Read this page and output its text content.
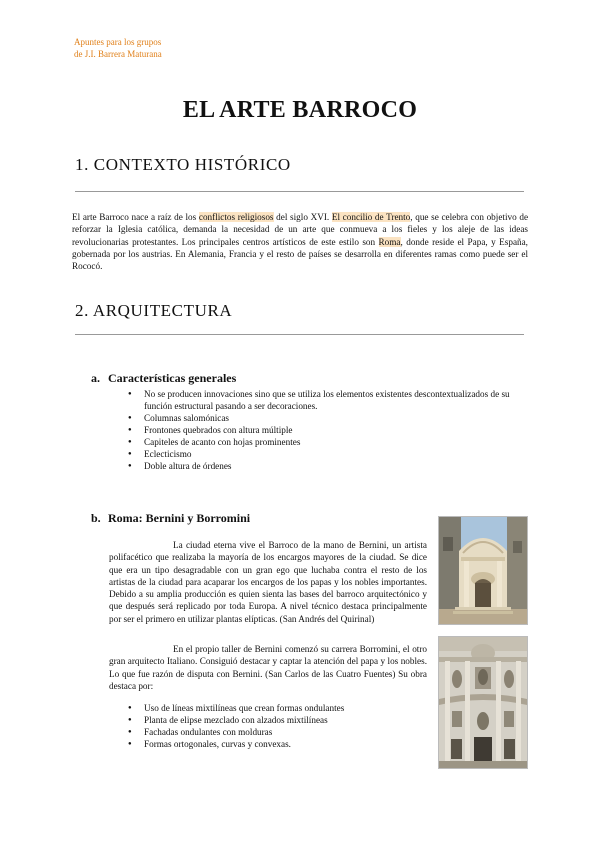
Apuntes para los grupos
de J.I. Barrera Maturana
EL ARTE BARROCO
1. CONTEXTO HISTÓRICO
El arte Barroco nace a raíz de los conflictos religiosos del siglo XVI. El concilio de Trento, que se celebra con objetivo de reforzar la Iglesia católica, demanda la necesidad de un arte que conmueva a los fieles y los aleje de las ideas revolucionarias protestantes. Los principales centros artísticos de este estilo son Roma, donde reside el Papa, y España, gobernada por los austrias. En Alemania, Francia y el resto de países se desarrolla en diferentes ramas como puede ser el Rococó.
2. ARQUITECTURA
a. Características generales
● No se producen innovaciones sino que se utiliza los elementos existentes descontextualizados de su función estructural pasando a ser decoraciones.
● Columnas salomónicas
● Frontones quebrados con altura múltiple
● Capiteles de acanto con hojas prominentes
● Eclecticismo
● Doble altura de órdenes
b. Roma: Bernini y Borromini
La ciudad eterna vive el Barroco de la mano de Bernini, un artista polifacético que realizaba la mayoría de los encargos mayores de la ciudad. Se dice que era un tipo desagradable con un gran ego que luchaba contra el resto de los artistas de la ciudad para acaparar los encargos de los papas y los nobles importantes. Debido a su amplia producción es quien sienta las bases del barroco arquitectónico y que después será replicado por toda Europa. A nivel técnico destaca principalmente por ser el primero en utilizar plantas elípticas. (San Andrés del Quirinal)
En el propio taller de Bernini comenzó su carrera Borromini, el otro gran arquitecto Italiano. Consiguió destacar y captar la atención del papa y los nobles. Lo que fue razón de disputa con Bernini. (San Carlos de las Cuatro Fuentes) Su obra destaca por:
● Uso de líneas mixtilíneas que crean formas ondulantes
● Planta de elipse mezclado con alzados mixtilíneas
● Fachadas ondulantes con molduras
● Formas ortogonales, curvas y convexas.
